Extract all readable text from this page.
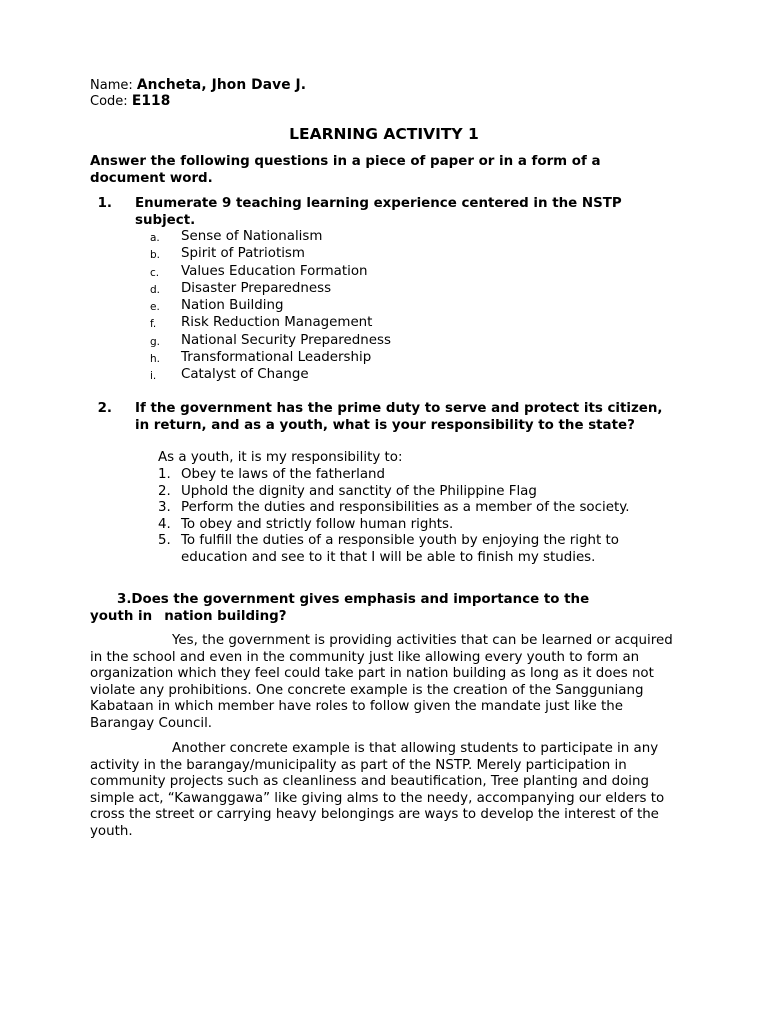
Name: Ancheta, Jhon Dave J.
Code: E118
LEARNING ACTIVITY 1
Answer the following questions in a piece of paper or in a form of a document word.
1. Enumerate 9 teaching learning experience centered in the NSTP subject.
a. Sense of Nationalism
b. Spirit of Patriotism
c. Values Education Formation
d. Disaster Preparedness
e. Nation Building
f. Risk Reduction Management
g. National Security Preparedness
h. Transformational Leadership
i. Catalyst of Change
2. If the government has the prime duty to serve and protect its citizen, in return, and as a youth, what is your responsibility to the state?
As a youth, it is my responsibility to:
1. Obey te laws of the fatherland
2. Uphold the dignity and sanctity of the Philippine Flag
3. Perform the duties and responsibilities as a member of the society.
4. To obey and strictly follow human rights.
5. To fulfill the duties of a responsible youth by enjoying the right to education and see to it that I will be able to finish my studies.
3.Does the government gives emphasis and importance to the
youth in nation building?

Yes, the government is providing activities that can be learned or acquired in the school and even in the community just like allowing every youth to form an organization which they feel could take part in nation building as long as it does not violate any prohibitions. One concrete example is the creation of the Sangguniang Kabataan in which member have roles to follow given the mandate just like the Barangay Council.

Another concrete example is that allowing students to participate in any activity in the barangay/municipality as part of the NSTP. Merely participation in community projects such as cleanliness and beautification, Tree planting and doing simple act, “Kawanggawa” like giving alms to the needy, accompanying our elders to cross the street or carrying heavy belongings are ways to develop the interest of the youth.
